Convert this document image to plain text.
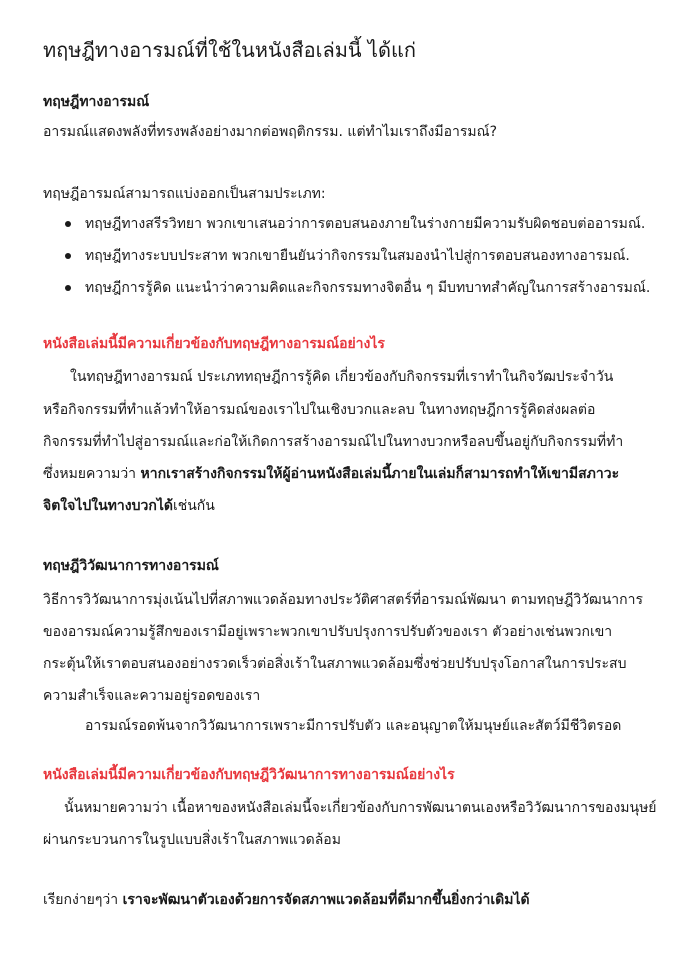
ทฤษฎีทางอารมณ์ที่ใช้ในหนังสือเล่มนี้ ได้แก่
ทฤษฎีทางอารมณ์
อารมณ์แสดงพลังที่ทรงพลังอย่างมากต่อพฤติกรรม. แต่ทำไมเราถึงมีอารมณ์?
ทฤษฎีอารมณ์สามารถแบ่งออกเป็นสามประเภท:
ทฤษฎีทางสรีรวิทยา พวกเขาเสนอว่าการตอบสนองภายในร่างกายมีความรับผิดชอบต่ออารมณ์.
ทฤษฎีทางระบบประสาท พวกเขายืนยันว่ากิจกรรมในสมองนำไปสู่การตอบสนองทางอารมณ์.
ทฤษฎีการรู้คิด แนะนำว่าความคิดและกิจกรรมทางจิตอื่น ๆ มีบทบาทสำคัญในการสร้างอารมณ์.
หนังสือเล่มนี้มีความเกี่ยวข้องกับทฤษฎีทางอารมณ์อย่างไร
ในทฤษฎีทางอารมณ์ ประเภททฤษฎีการรู้คิด เกี่ยวข้องกับกิจกรรมที่เราทำในกิจวัฒประจำวัน
หรือกิจกรรมที่ทำแล้วทำให้อารมณ์ของเราไปในเชิงบวกและลบ ในทางทฤษฎีการรู้คิดส่งผลต่อ
กิจกรรมที่ทำไปสู่อารมณ์และก่อให้เกิดการสร้างอารมณ์ไปในทางบวกหรือลบขึ้นอยู่กับกิจกรรมที่ทำ
ซึ่งหมยความว่า หากเราสร้างกิจกรรมให้ผู้อ่านหนังสือเล่มนี้ภายในเล่มก็สามารถทำให้เขามีสภาวะ
จิตใจไปในทางบวกได้เช่นกัน
ทฤษฎีวิวัฒนาการทางอารมณ์
วิธีการวิวัฒนาการมุ่งเน้นไปที่สภาพแวดล้อมทางประวัติศาสตร์ที่อารมณ์พัฒนา ตามทฤษฎีวิวัฒนาการ
ของอารมณ์ความรู้สึกของเรามีอยู่เพราะพวกเขาปรับปรุงการปรับตัวของเรา ตัวอย่างเช่นพวกเขา
กระตุ้นให้เราตอบสนองอย่างรวดเร็วต่อสิ่งเร้าในสภาพแวดล้อมซึ่งช่วยปรับปรุงโอกาสในการประสบ
ความสำเร็จและความอยู่รอดของเรา
อารมณ์รอดพ้นจากวิวัฒนาการเพราะมีการปรับตัว และอนุญาตให้มนุษย์และสัตว์มีชีวิตรอด
หนังสือเล่มนี้มีความเกี่ยวข้องกับทฤษฎีวิวัฒนาการทางอารมณ์อย่างไร
นั้นหมายความว่า เนื้อหาของหนังสือเล่มนี้จะเกี่ยวข้องกับการพัฒนาตนเองหรือวิวัฒนาการของมนุษย์
ผ่านกระบวนการในรูปแบบสิ่งเร้าในสภาพแวดล้อม
เรียกง่ายๆว่า เราจะพัฒนาตัวเองด้วยการจัดสภาพแวดล้อมที่ดีมากขึ้นยิ่งกว่าเดิมได้
